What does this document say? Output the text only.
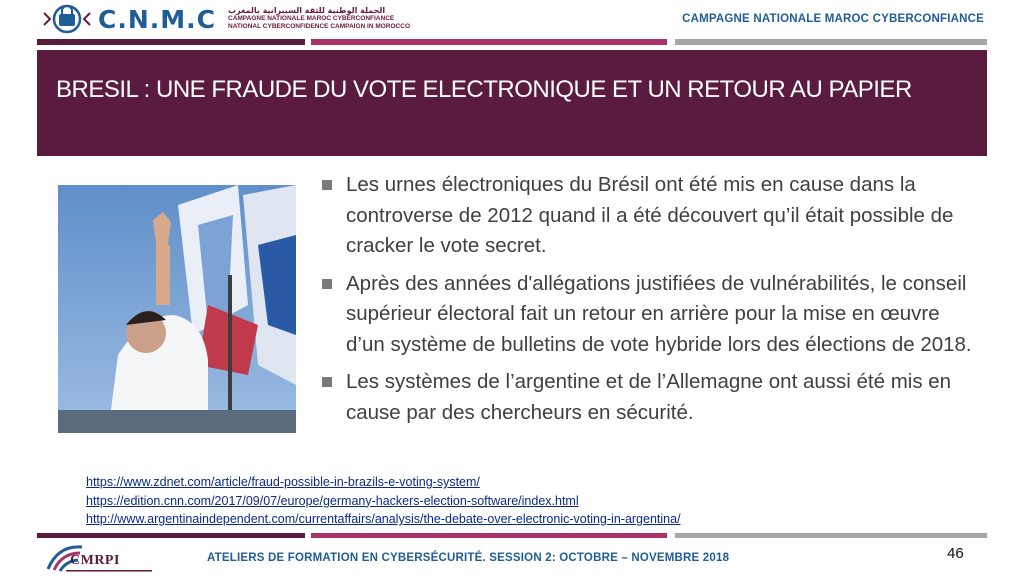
C.N.M.C الحملة الوطنية للثقة السيبرانية بالمغرب
CAMPAGNE NATIONALE MAROC CYBERCONFIANCE
NATIONAL CYBERCONFIDENCE CAMPAIGN IN MOROCCO
CAMPAGNE NATIONALE MAROC CYBERCONFIANCE
BRESIL : UNE FRAUDE DU VOTE ELECTRONIQUE ET UN RETOUR AU PAPIER
Les urnes électroniques du Brésil ont été mis en cause dans la controverse de 2012 quand il a été découvert qu’il était possible de cracker le vote secret.
Après des années d'allégations justifiées de vulnérabilités, le conseil supérieur électoral fait un retour en arrière pour la mise en œuvre d’un système de bulletins de vote hybride lors des élections de 2018.
Les systèmes de l’argentine et de l’Allemagne ont aussi été mis en cause par des chercheurs en sécurité.
https://www.zdnet.com/article/fraud-possible-in-brazils-e-voting-system/
https://edition.cnn.com/2017/09/07/europe/germany-hackers-election-software/index.html
http://www.argentinaindependent.com/currentaffairs/analysis/the-debate-over-electronic-voting-in-argentina/
CMRPI	ATELIERS DE FORMATION EN CYBERSÉCURITÉ. SESSION 2: OCTOBRE – NOVEMBRE 2018	46
